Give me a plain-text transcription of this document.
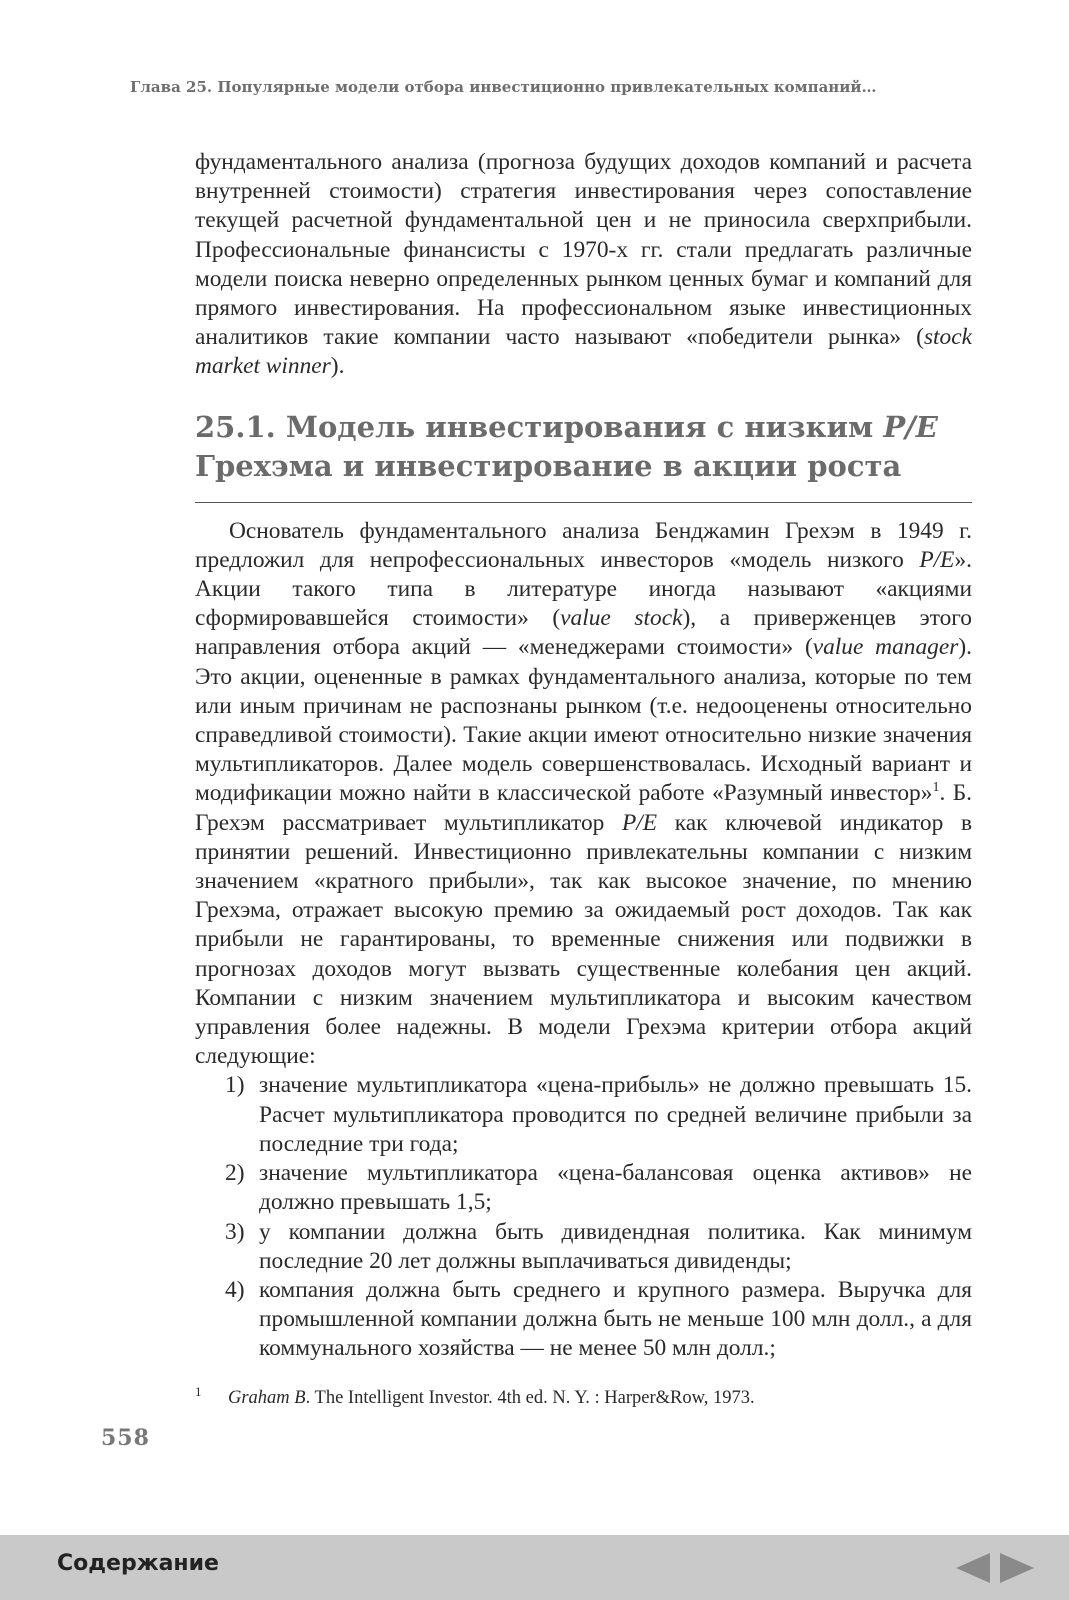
Глава 25. Популярные модели отбора инвестиционно привлекательных компаний…

фундаментального анализа (прогноза будущих доходов компаний и расчета внутренней стоимости) стратегия инвестирования через сопоставление текущей расчетной фундаментальной цен и не приносила сверхприбыли. Профессиональные финансисты с 1970-х гг. стали предлагать различные модели поиска неверно определенных рынком ценных бумаг и компаний для прямого инвестирования. На профессиональном языке инвестиционных аналитиков такие компании часто называют «победители рынка» (stock market winner).

25.1. Модель инвестирования с низким P/E
Грехэма и инвестирование в акции роста

Основатель фундаментального анализа Бенджамин Грехэм в 1949 г. предложил для непрофессиональных инвесторов «модель низкого P/E». Акции такого типа в литературе иногда называют «акциями сформировавшейся стоимости» (value stock), а приверженцев этого направления отбора акций — «менеджерами стоимости» (value manager). Это акции, оцененные в рамках фундаментального анализа, которые по тем или иным причинам не распознаны рынком (т.е. недооценены относительно справедливой стоимости). Такие акции имеют относительно низкие значения мультипликаторов. Далее модель совершенствовалась. Исходный вариант и модификации можно найти в классической работе «Разумный инвестор»$^1$. Б. Грехэм рассматривает мультипликатор P/E как ключевой индикатор в принятии решений. Инвестиционно привлекательны компании с низким значением «кратного прибыли», так как высокое значение, по мнению Грехэма, отражает высокую премию за ожидаемый рост доходов. Так как прибыли не гарантированы, то временные снижения или подвижки в прогнозах доходов могут вызвать существенные колебания цен акций. Компании с низким значением мультипликатора и высоким качеством управления более надежны. В модели Грехэма критерии отбора акций следующие:

1) значение мультипликатора «цена-прибыль» не должно превышать 15. Расчет мультипликатора проводится по средней величине прибыли за последние три года;
2) значение мультипликатора «цена-балансовая оценка активов» не должно превышать 1,5;
3) у компании должна быть дивидендная политика. Как минимум последние 20 лет должны выплачиваться дивиденды;
4) компания должна быть среднего и крупного размера. Выручка для промышленной компании должна быть не меньше 100 млн долл., а для коммунального хозяйства — не менее 50 млн долл.;
1 Graham B. The Intelligent Investor. 4th ed. N. Y. : Harper&Row, 1973.
558
Содержание
